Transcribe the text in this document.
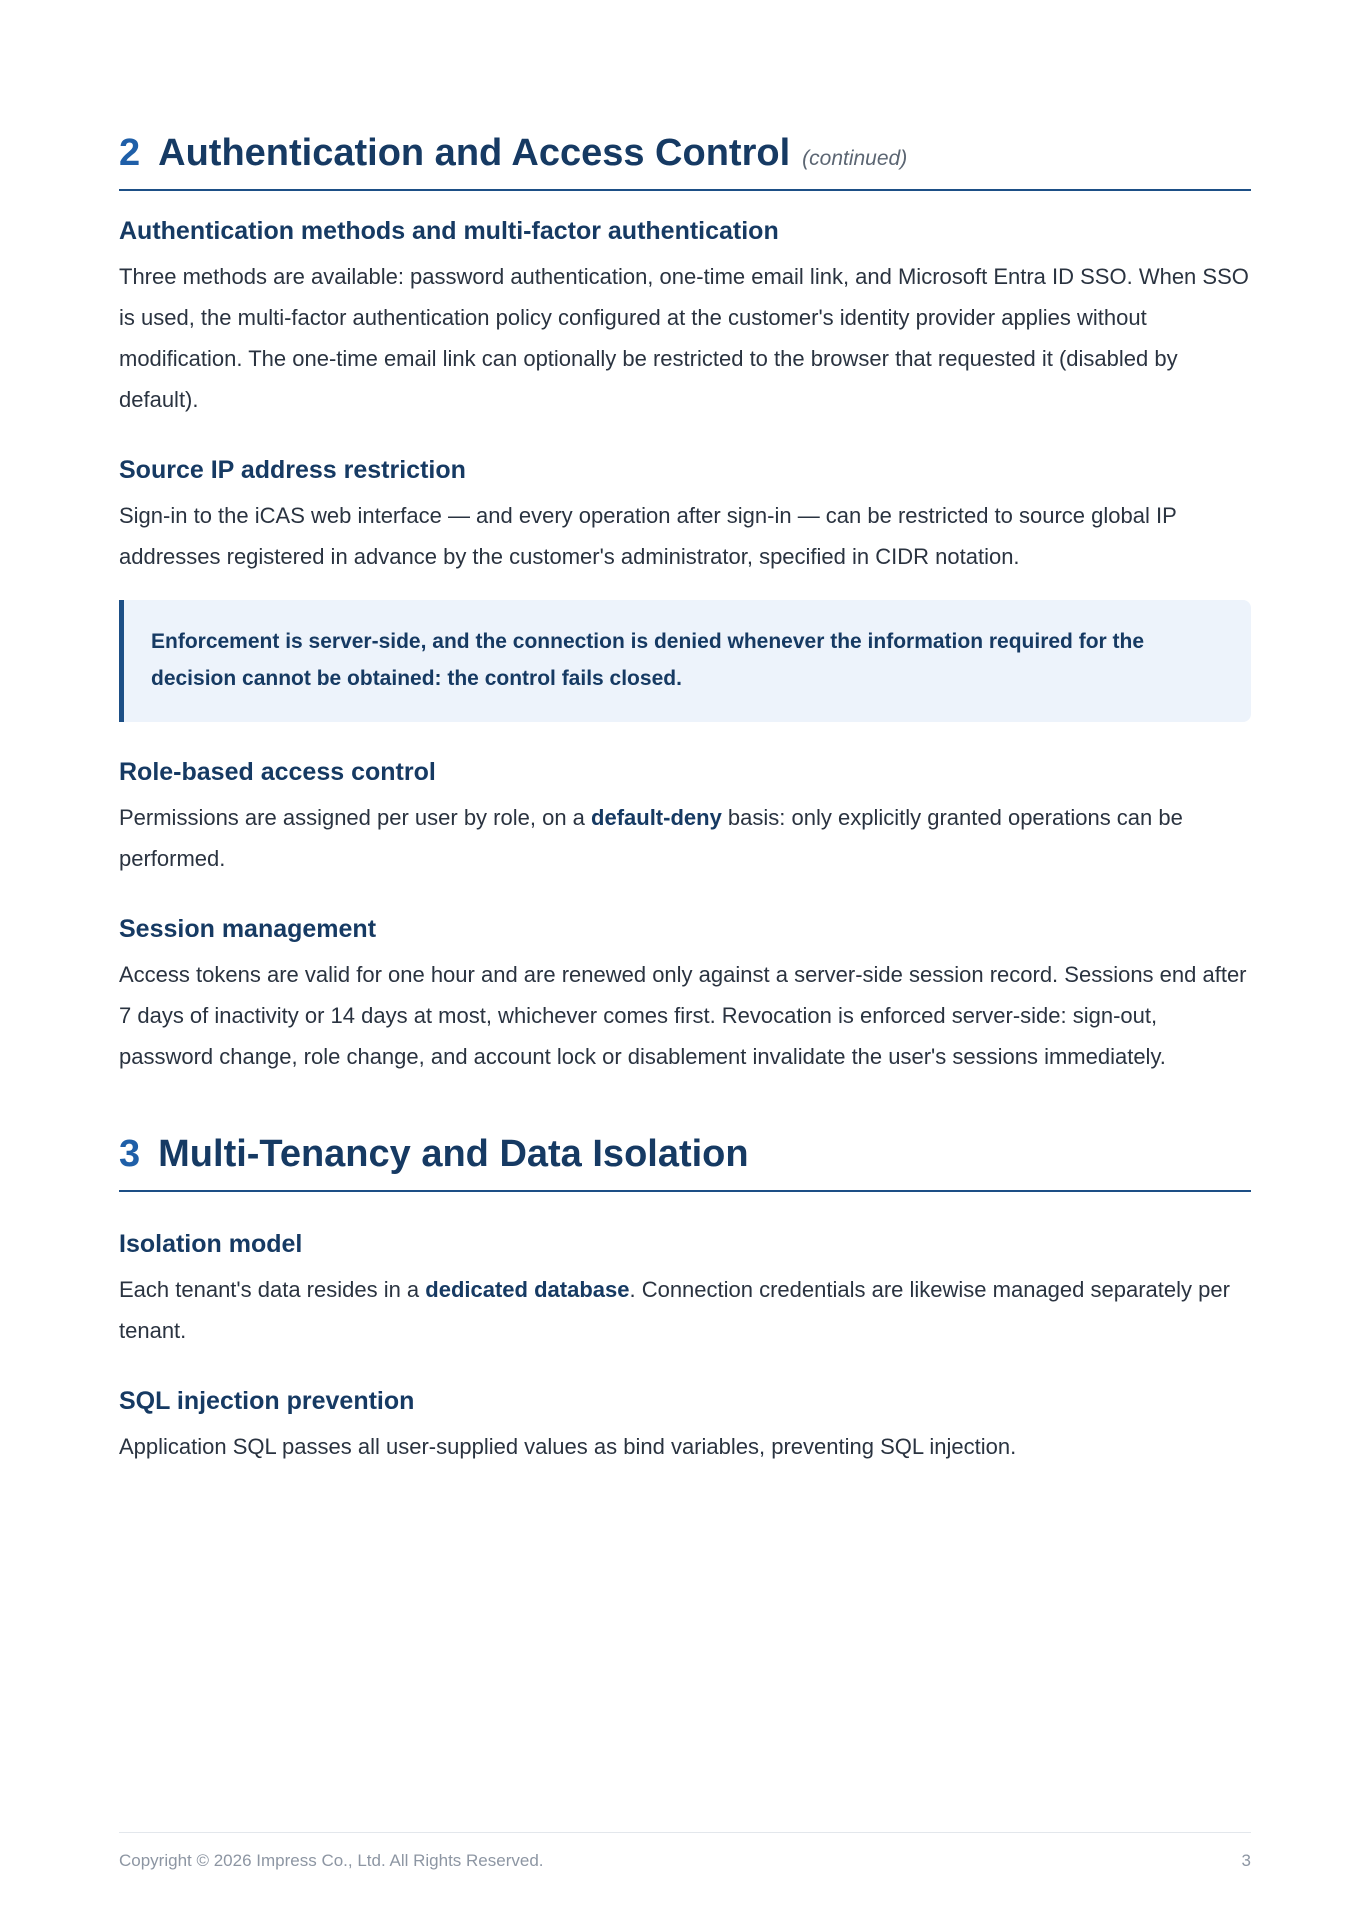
2 Authentication and Access Control (continued)
Authentication methods and multi-factor authentication

Three methods are available: password authentication, one-time email link, and Microsoft Entra ID SSO. When SSO is used, the multi-factor authentication policy configured at the customer's identity provider applies without modification. The one-time email link can optionally be restricted to the browser that requested it (disabled by default).

Source IP address restriction

Sign-in to the iCAS web interface — and every operation after sign-in — can be restricted to source global IP addresses registered in advance by the customer's administrator, specified in CIDR notation.

Enforcement is server-side, and the connection is denied whenever the information required for the decision cannot be obtained: the control fails closed.
Role-based access control

Permissions are assigned per user by role, on a default-deny basis: only explicitly granted operations can be performed.

Session management

Access tokens are valid for one hour and are renewed only against a server-side session record. Sessions end after 7 days of inactivity or 14 days at most, whichever comes first. Revocation is enforced server-side: sign-out, password change, role change, and account lock or disablement invalidate the user's sessions immediately.

3 Multi-Tenancy and Data Isolation
Isolation model

Each tenant's data resides in a dedicated database. Connection credentials are likewise managed separately per tenant.

SQL injection prevention

Application SQL passes all user-supplied values as bind variables, preventing SQL injection.

Copyright © 2026 Impress Co., Ltd. All Rights Reserved.	3
